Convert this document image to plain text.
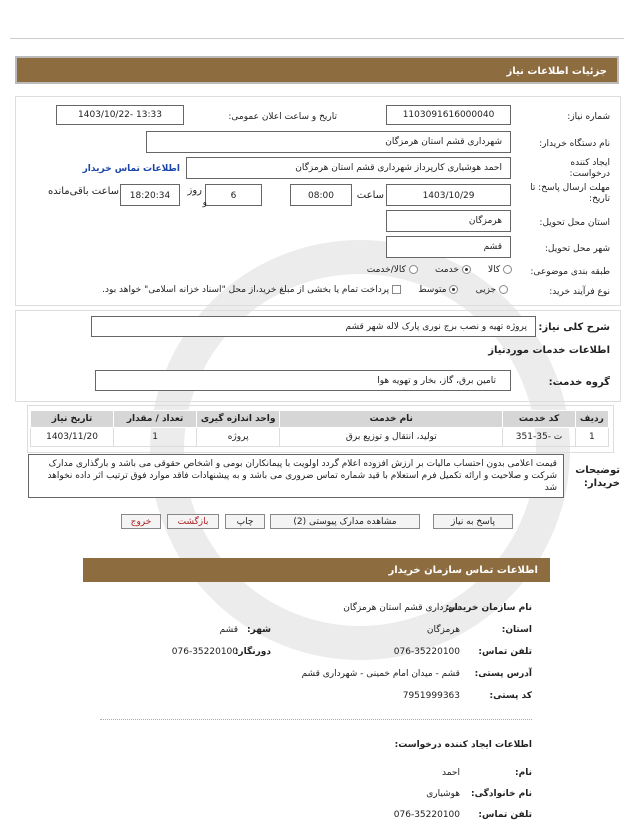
جزئیات اطلاعات نیاز
شماره نیاز:
1103091616000040
تاریخ و ساعت اعلان عمومی:
1403/10/22- 13:33
نام دستگاه خریدار:
شهرداری قشم استان هرمزگان
ایجاد کننده درخواست:
احمد هوشیاری کارپرداز شهرداری قشم استان هرمزگان
اطلاعات تماس خریدار
مهلت ارسال پاسخ: تا تاریخ:
1403/10/29
ساعت
08:00
6
روز
و
18:20:34
ساعت باقی‌مانده
استان محل تحویل:
هرمزگان
شهر محل تحویل:
قشم
طبقه بندی موضوعی:
کالا       خدمت       کالا/خدمت
نوع فرآیند خرید:
جزیی       متوسط       پرداخت تمام یا بخشی از مبلغ خرید،از محل "اسناد خزانه اسلامی" خواهد بود.
شرح کلی نیاز:
پروژه تهیه و نصب برج نوری پارک لاله شهر قشم
اطلاعات خدمات موردنیاز
گروه خدمت:
تامین برق، گاز، بخار و تهویه هوا
ردیف	کد خدمت	نام خدمت	واحد اندازه گیری	تعداد / مقدار	تاریخ نیاز
1	ت -35-351	تولید، انتقال و توزیع برق	پروژه	1	1403/11/20
توضیحات خریدار:
قیمت اعلامی بدون احتساب مالیات بر ارزش افزوده اعلام گردد اولویت با پیمانکاران بومی و اشخاص حقوقی می باشد و بارگذاری مدارک شرکت و صلاحیت و ارائه تکمیل فرم استعلام با قید شماره تماس ضروری می باشد و به پیشنهادات فاقد موارد فوق ترتیب اثر داده نخواهد شد
پاسخ به نیاز
مشاهده مدارک پیوستی (2)
چاپ
بازگشت
خروج
اطلاعات تماس سازمان خریدار
نام سازمان خریدار:
شهرداری قشم استان هرمزگان
استان:
هرمزگان
شهر:
قشم
تلفن تماس:
076-35220100
دورنگار:
076-35220100
آدرس پستی:
قشم - میدان امام خمینی - شهرداری قشم
کد پستی:
7951999363
اطلاعات ایجاد کننده درخواست:
نام:
احمد
نام خانوادگی:
هوشیاری
تلفن تماس:
076-35220100
